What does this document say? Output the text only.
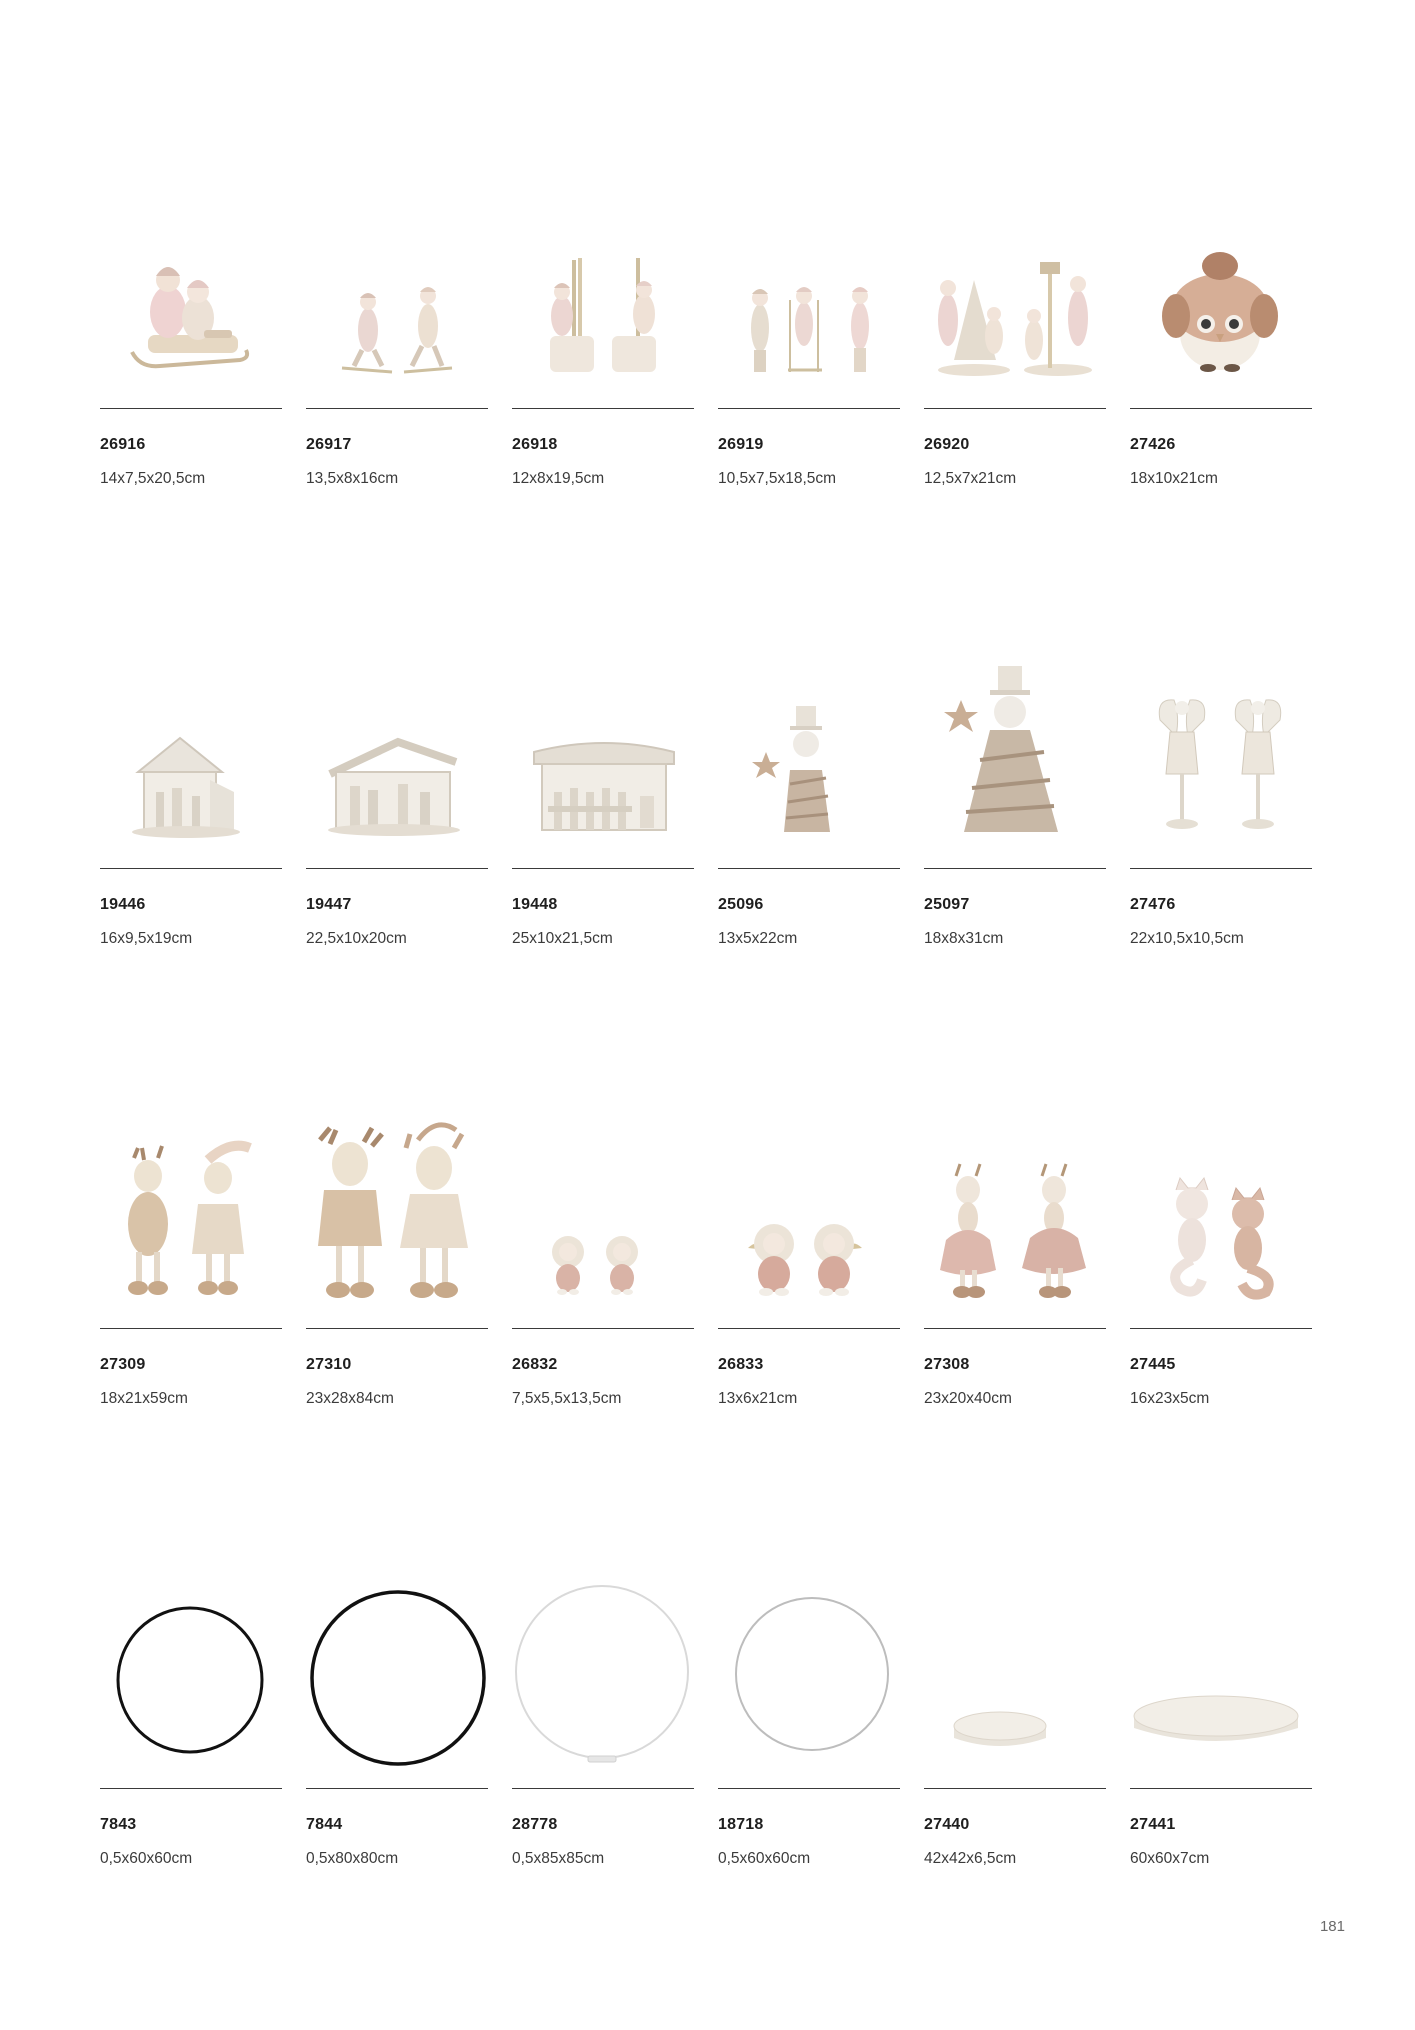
26916
14x7,5x20,5cm
26917
13,5x8x16cm
26918
12x8x19,5cm
26919
10,5x7,5x18,5cm
26920
12,5x7x21cm
27426
18x10x21cm
19446
16x9,5x19cm
19447
22,5x10x20cm
19448
25x10x21,5cm
25096
13x5x22cm
25097
18x8x31cm
27476
22x10,5x10,5cm
27309
18x21x59cm
27310
23x28x84cm
26832
7,5x5,5x13,5cm
26833
13x6x21cm
27308
23x20x40cm
27445
16x23x5cm
7843
0,5x60x60cm
7844
0,5x80x80cm
28778
0,5x85x85cm
18718
0,5x60x60cm
27440
42x42x6,5cm
27441
60x60x7cm
181
